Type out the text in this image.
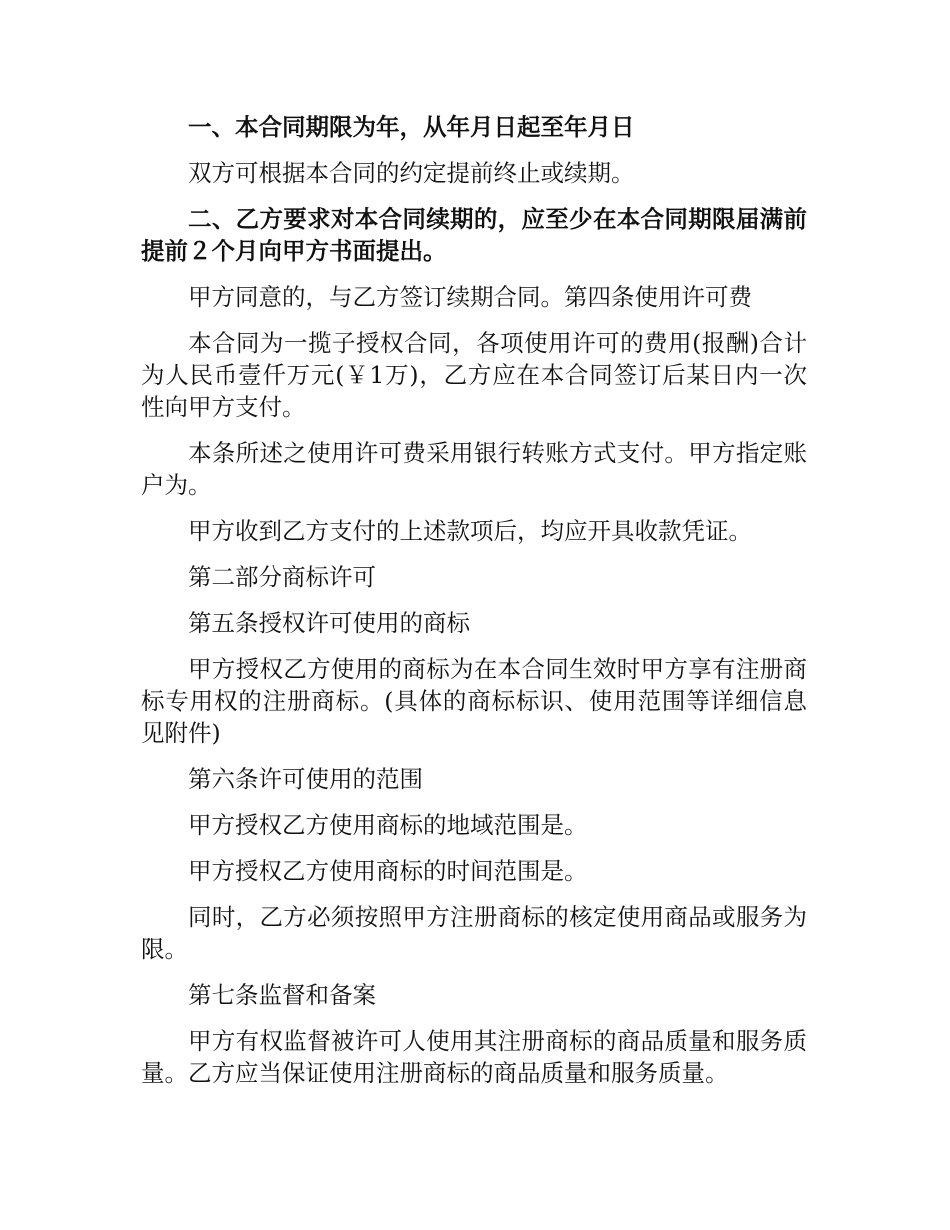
一、本合同期限为年，从年月日起至年月日

双方可根据本合同的约定提前终止或续期。

二、乙方要求对本合同续期的，应至少在本合同期限届满前提前２个月向甲方书面提出。

甲方同意的，与乙方签订续期合同。第四条使用许可费

本合同为一揽子授权合同，各项使用许可的费用(报酬)合计为人民币壹仟万元(￥1万)，乙方应在本合同签订后某日内一次性向甲方支付。

本条所述之使用许可费采用银行转账方式支付。甲方指定账户为。

甲方收到乙方支付的上述款项后，均应开具收款凭证。

第二部分商标许可

第五条授权许可使用的商标

甲方授权乙方使用的商标为在本合同生效时甲方享有注册商标专用权的注册商标。(具体的商标标识、使用范围等详细信息见附件)

第六条许可使用的范围

甲方授权乙方使用商标的地域范围是。

甲方授权乙方使用商标的时间范围是。

同时，乙方必须按照甲方注册商标的核定使用商品或服务为限。

第七条监督和备案

甲方有权监督被许可人使用其注册商标的商品质量和服务质量。乙方应当保证使用注册商标的商品质量和服务质量。
